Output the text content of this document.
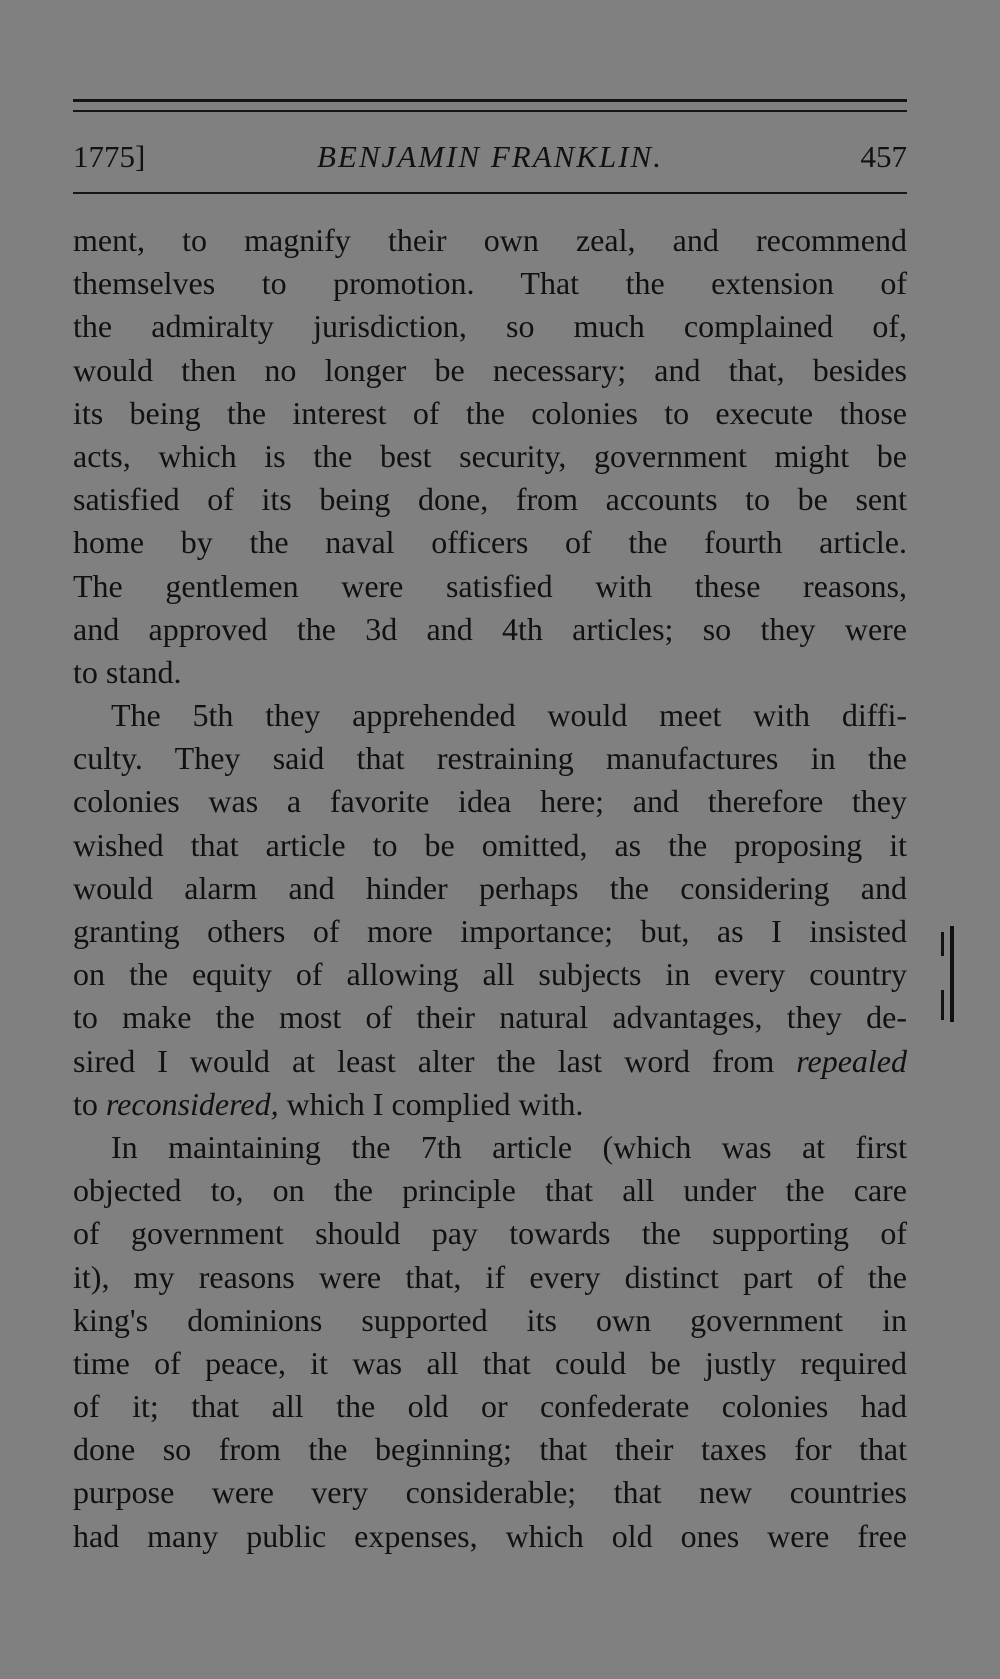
1775]	BENJAMIN FRANKLIN.	457
ment, to magnify their own zeal, and recommend
themselves to promotion. That the extension of
the admiralty jurisdiction, so much complained of,
would then no longer be necessary; and that, besides
its being the interest of the colonies to execute those
acts, which is the best security, government might be
satisfied of its being done, from accounts to be sent
home by the naval officers of the fourth article.
The gentlemen were satisfied with these reasons,
and approved the 3d and 4th articles; so they were
to stand.
The 5th they apprehended would meet with diffi-
culty. They said that restraining manufactures in the
colonies was a favorite idea here; and therefore they
wished that article to be omitted, as the proposing it
would alarm and hinder perhaps the considering and
granting others of more importance; but, as I insisted
on the equity of allowing all subjects in every country
to make the most of their natural advantages, they de-
sired I would at least alter the last word from repealed
to reconsidered, which I complied with.
In maintaining the 7th article (which was at first
objected to, on the principle that all under the care
of government should pay towards the supporting of
it), my reasons were that, if every distinct part of the
king's dominions supported its own government in
time of peace, it was all that could be justly required
of it; that all the old or confederate colonies had
done so from the beginning; that their taxes for that
purpose were very considerable; that new countries
had many public expenses, which old ones were free
